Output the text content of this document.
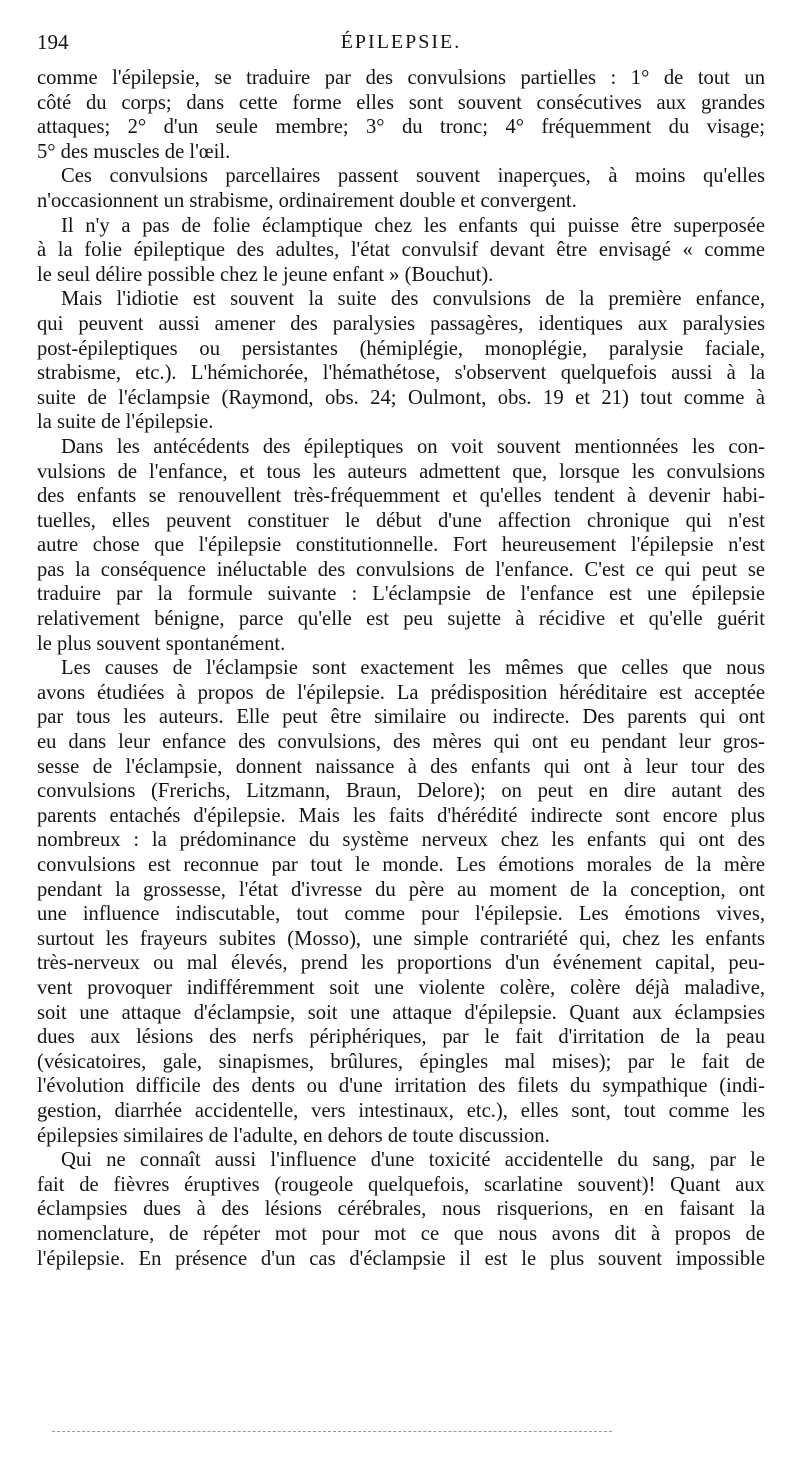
194	ÉPILEPSIE.
comme l'épilepsie, se traduire par des convulsions partielles : 1° de tout un
côté du corps; dans cette forme elles sont souvent consécutives aux grandes
attaques; 2° d'un seule membre; 3° du tronc; 4° fréquemment du visage;
5° des muscles de l'œil.
Ces convulsions parcellaires passent souvent inaperçues, à moins qu'elles
n'occasionnent un strabisme, ordinairement double et convergent.
Il n'y a pas de folie éclamptique chez les enfants qui puisse être superposée
à la folie épileptique des adultes, l'état convulsif devant être envisagé « comme
le seul délire possible chez le jeune enfant » (Bouchut).
Mais l'idiotie est souvent la suite des convulsions de la première enfance,
qui peuvent aussi amener des paralysies passagères, identiques aux paralysies
post-épileptiques ou persistantes (hémiplégie, monoplégie, paralysie faciale,
strabisme, etc.). L'hémichorée, l'hémathétose, s'observent quelquefois aussi à la
suite de l'éclampsie (Raymond, obs. 24; Oulmont, obs. 19 et 21) tout comme à
la suite de l'épilepsie.
Dans les antécédents des épileptiques on voit souvent mentionnées les con-
vulsions de l'enfance, et tous les auteurs admettent que, lorsque les convulsions
des enfants se renouvellent très-fréquemment et qu'elles tendent à devenir habi-
tuelles, elles peuvent constituer le début d'une affection chronique qui n'est
autre chose que l'épilepsie constitutionnelle. Fort heureusement l'épilepsie n'est
pas la conséquence inéluctable des convulsions de l'enfance. C'est ce qui peut se
traduire par la formule suivante : L'éclampsie de l'enfance est une épilepsie
relativement bénigne, parce qu'elle est peu sujette à récidive et qu'elle guérit
le plus souvent spontanément.
Les causes de l'éclampsie sont exactement les mêmes que celles que nous
avons étudiées à propos de l'épilepsie. La prédisposition héréditaire est acceptée
par tous les auteurs. Elle peut être similaire ou indirecte. Des parents qui ont
eu dans leur enfance des convulsions, des mères qui ont eu pendant leur gros-
sesse de l'éclampsie, donnent naissance à des enfants qui ont à leur tour des
convulsions (Frerichs, Litzmann, Braun, Delore); on peut en dire autant des
parents entachés d'épilepsie. Mais les faits d'hérédité indirecte sont encore plus
nombreux : la prédominance du système nerveux chez les enfants qui ont des
convulsions est reconnue par tout le monde. Les émotions morales de la mère
pendant la grossesse, l'état d'ivresse du père au moment de la conception, ont
une influence indiscutable, tout comme pour l'épilepsie. Les émotions vives,
surtout les frayeurs subites (Mosso), une simple contrariété qui, chez les enfants
très-nerveux ou mal élevés, prend les proportions d'un événement capital, peu-
vent provoquer indifféremment soit une violente colère, colère déjà maladive,
soit une attaque d'éclampsie, soit une attaque d'épilepsie. Quant aux éclampsies
dues aux lésions des nerfs périphériques, par le fait d'irritation de la peau
(vésicatoires, gale, sinapismes, brûlures, épingles mal mises); par le fait de
l'évolution difficile des dents ou d'une irritation des filets du sympathique (indi-
gestion, diarrhée accidentelle, vers intestinaux, etc.), elles sont, tout comme les
épilepsies similaires de l'adulte, en dehors de toute discussion.
Qui ne connaît aussi l'influence d'une toxicité accidentelle du sang, par le
fait de fièvres éruptives (rougeole quelquefois, scarlatine souvent)! Quant aux
éclampsies dues à des lésions cérébrales, nous risquerions, en en faisant la
nomenclature, de répéter mot pour mot ce que nous avons dit à propos de
l'épilepsie. En présence d'un cas d'éclampsie il est le plus souvent impossible
